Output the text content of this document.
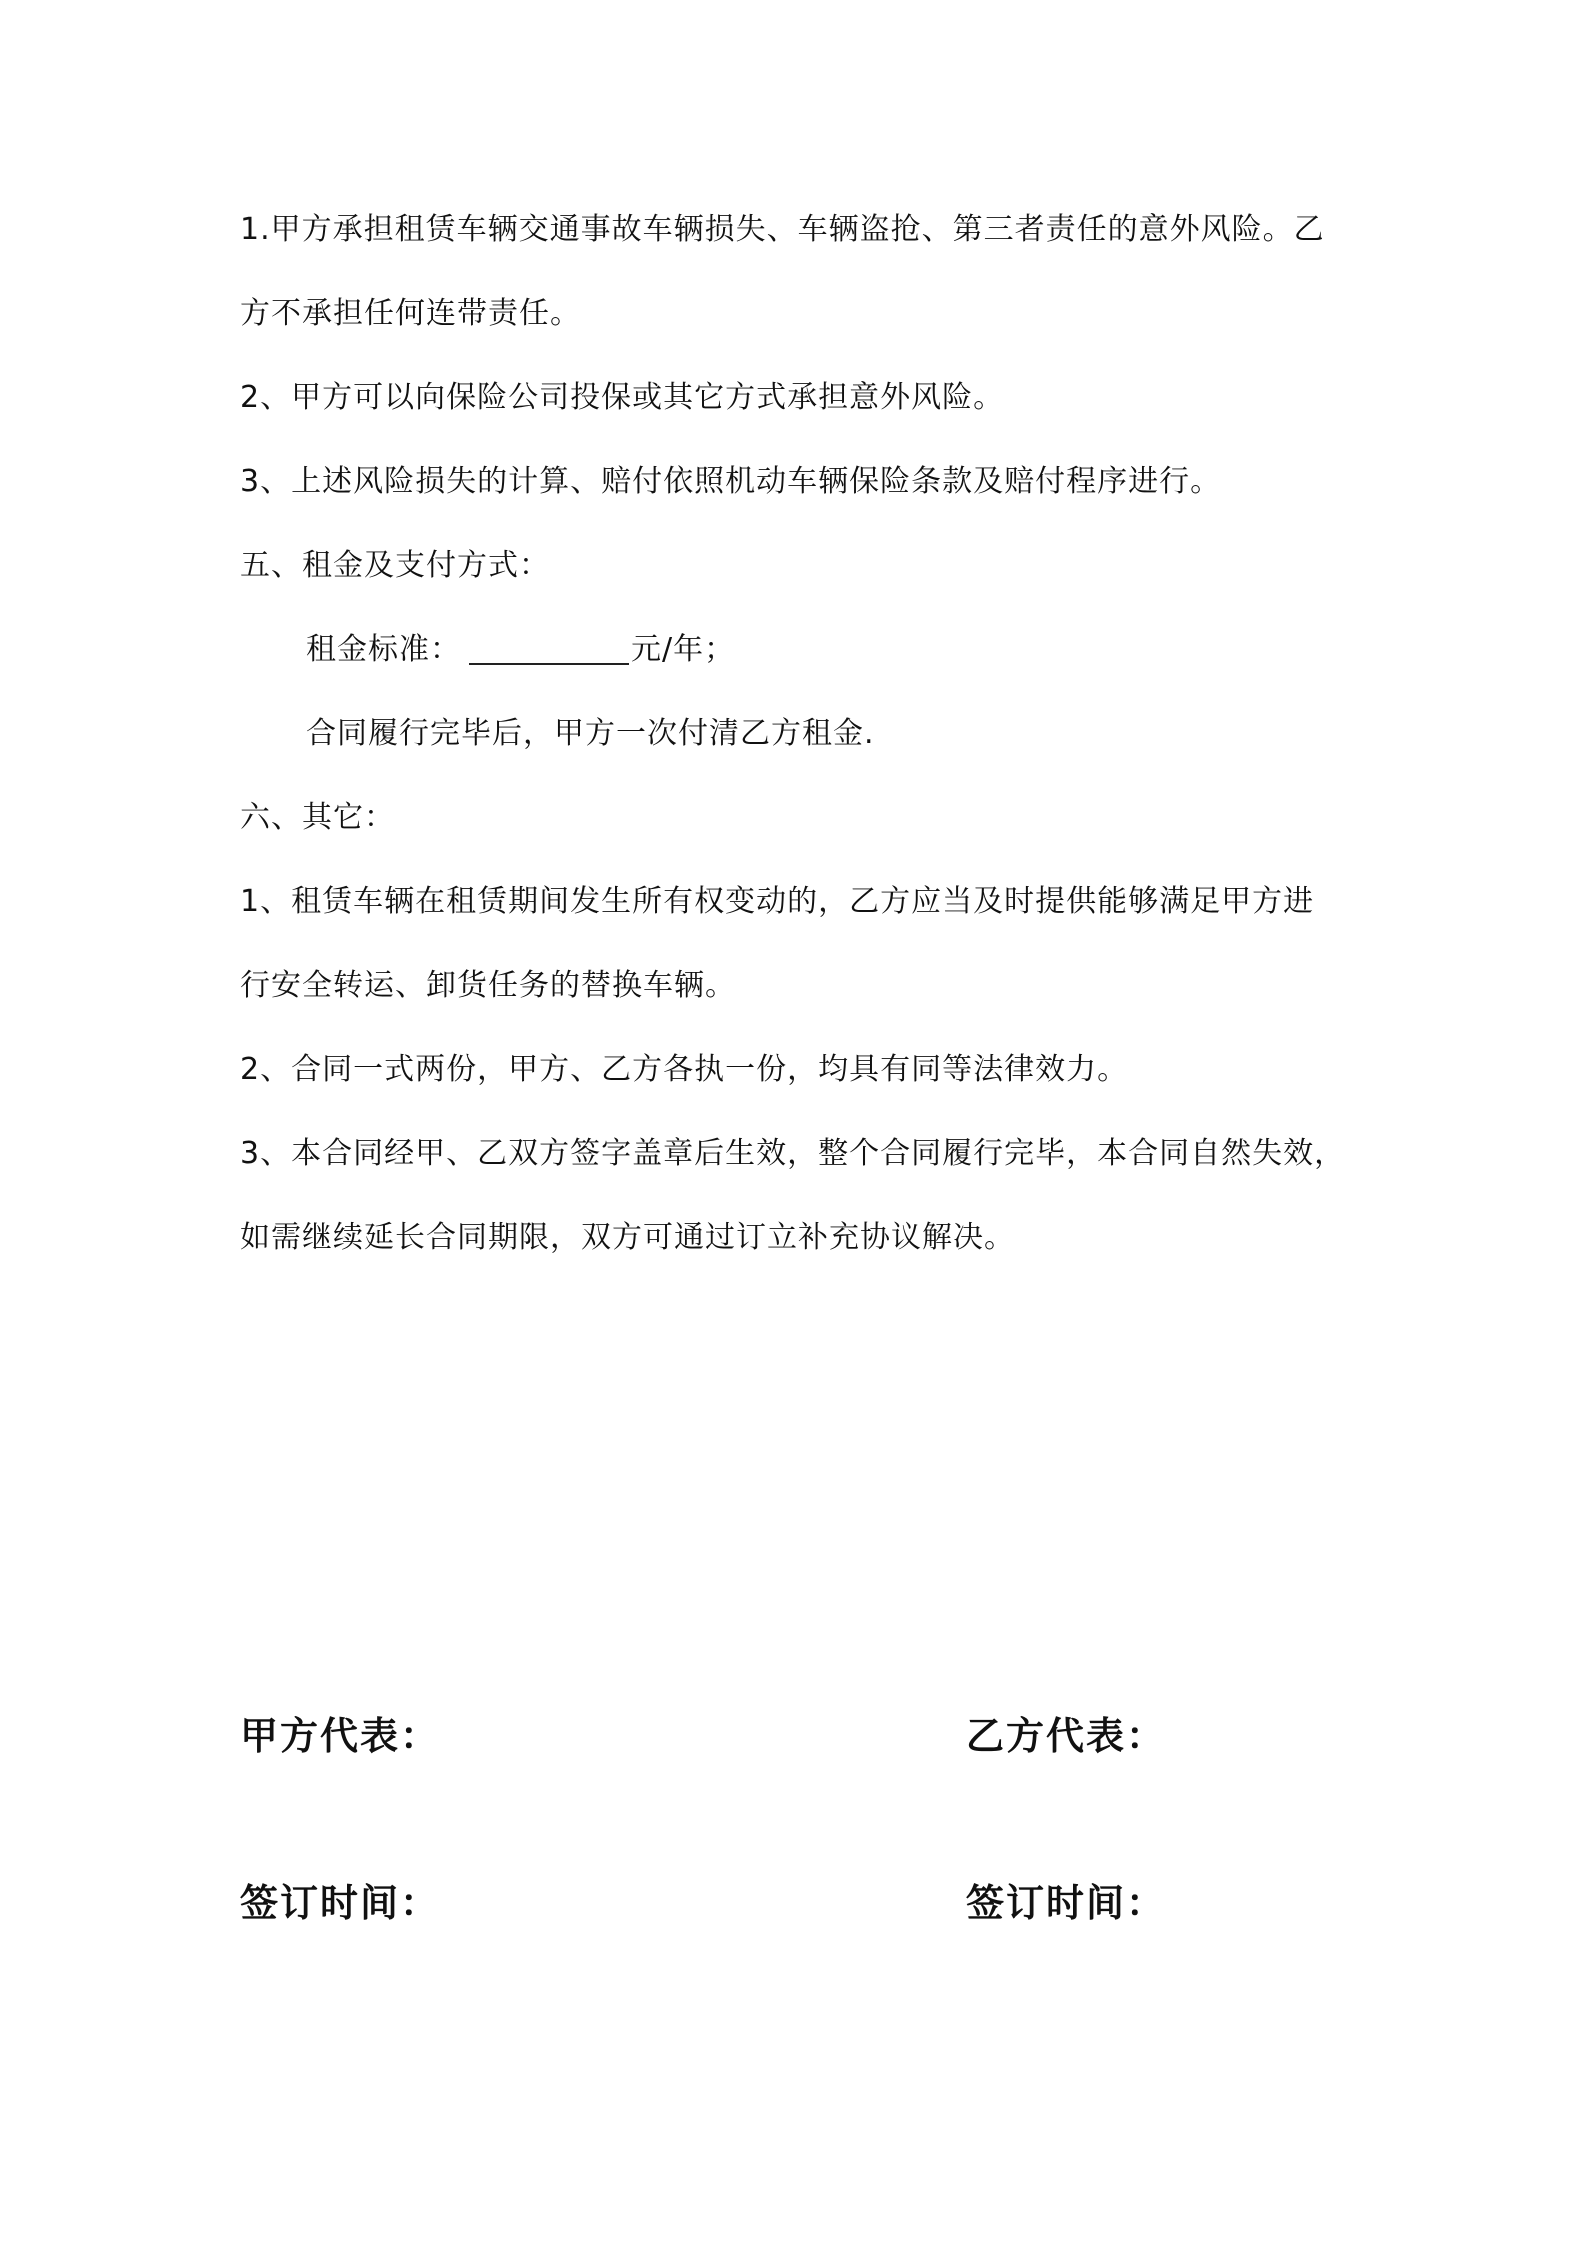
1.甲方承担租赁车辆交通事故车辆损失、车辆盗抢、第三者责任的意外风险。乙
方不承担任何连带责任。
2、甲方可以向保险公司投保或其它方式承担意外风险。
3、上述风险损失的计算、赔付依照机动车辆保险条款及赔付程序进行。
五、租金及支付方式：
租金标准：	元/年；
合同履行完毕后，甲方一次付清乙方租金.
六、其它：
1、租赁车辆在租赁期间发生所有权变动的，乙方应当及时提供能够满足甲方进
行安全转运、卸货任务的替换车辆。
2、合同一式两份，甲方、乙方各执一份，均具有同等法律效力。
3、本合同经甲、乙双方签字盖章后生效，整个合同履行完毕，本合同自然失效，
如需继续延长合同期限，双方可通过订立补充协议解决。
甲方代表：	乙方代表：
签订时间：	签订时间：
